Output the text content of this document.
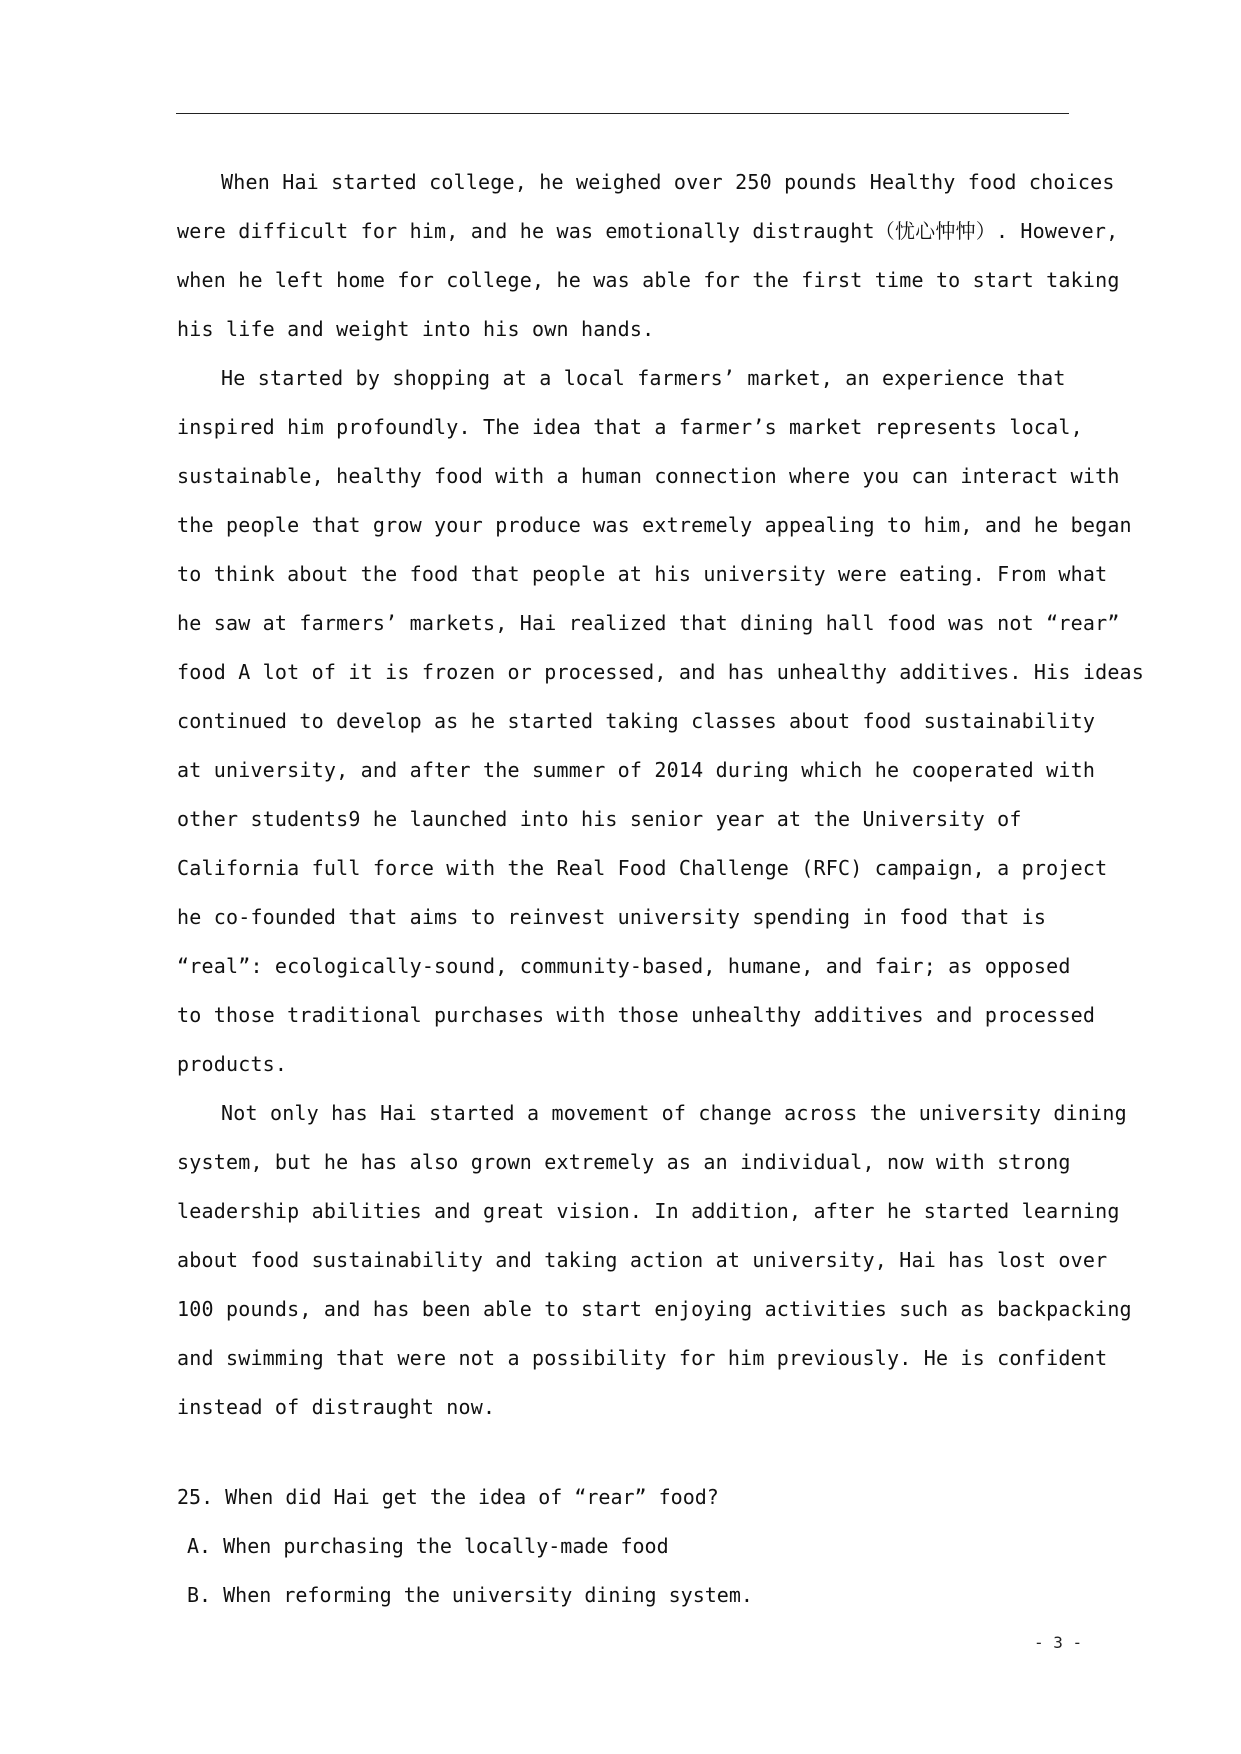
When Hai started college, he weighed over 250 pounds Healthy food choices
were difficult for him, and he was emotionally distraught（忧心忡忡）. However,
when he left home for college, he was able for the first time to start taking
his life and weight into his own hands.
He started by shopping at a local farmers’ market, an experience that
inspired him profoundly. The idea that a farmer’s market represents local,
sustainable, healthy food with a human connection where you can interact with
the people that grow your produce was extremely appealing to him, and he began
to think about the food that people at his university were eating. From what
he saw at farmers’ markets, Hai realized that dining hall food was not “rear”
food A lot of it is frozen or processed, and has unhealthy additives. His ideas
continued to develop as he started taking classes about food sustainability
at university, and after the summer of 2014 during which he cooperated with
other students9 he launched into his senior year at the University of
California full force with the Real Food Challenge (RFC) campaign, a project
he co-founded that aims to reinvest university spending in food that is
“real”: ecologically-sound, community-based, humane, and fair; as opposed
to those traditional purchases with those unhealthy additives and processed
products.
Not only has Hai started a movement of change across the university dining
system, but he has also grown extremely as an individual, now with strong
leadership abilities and great vision. In addition, after he started learning
about food sustainability and taking action at university, Hai has lost over
100 pounds, and has been able to start enjoying activities such as backpacking
and swimming that were not a possibility for him previously. He is confident
instead of distraught now.
25. When did Hai get the idea of “rear” food?
A. When purchasing the locally-made food
B. When reforming the university dining system.
- 3 -
